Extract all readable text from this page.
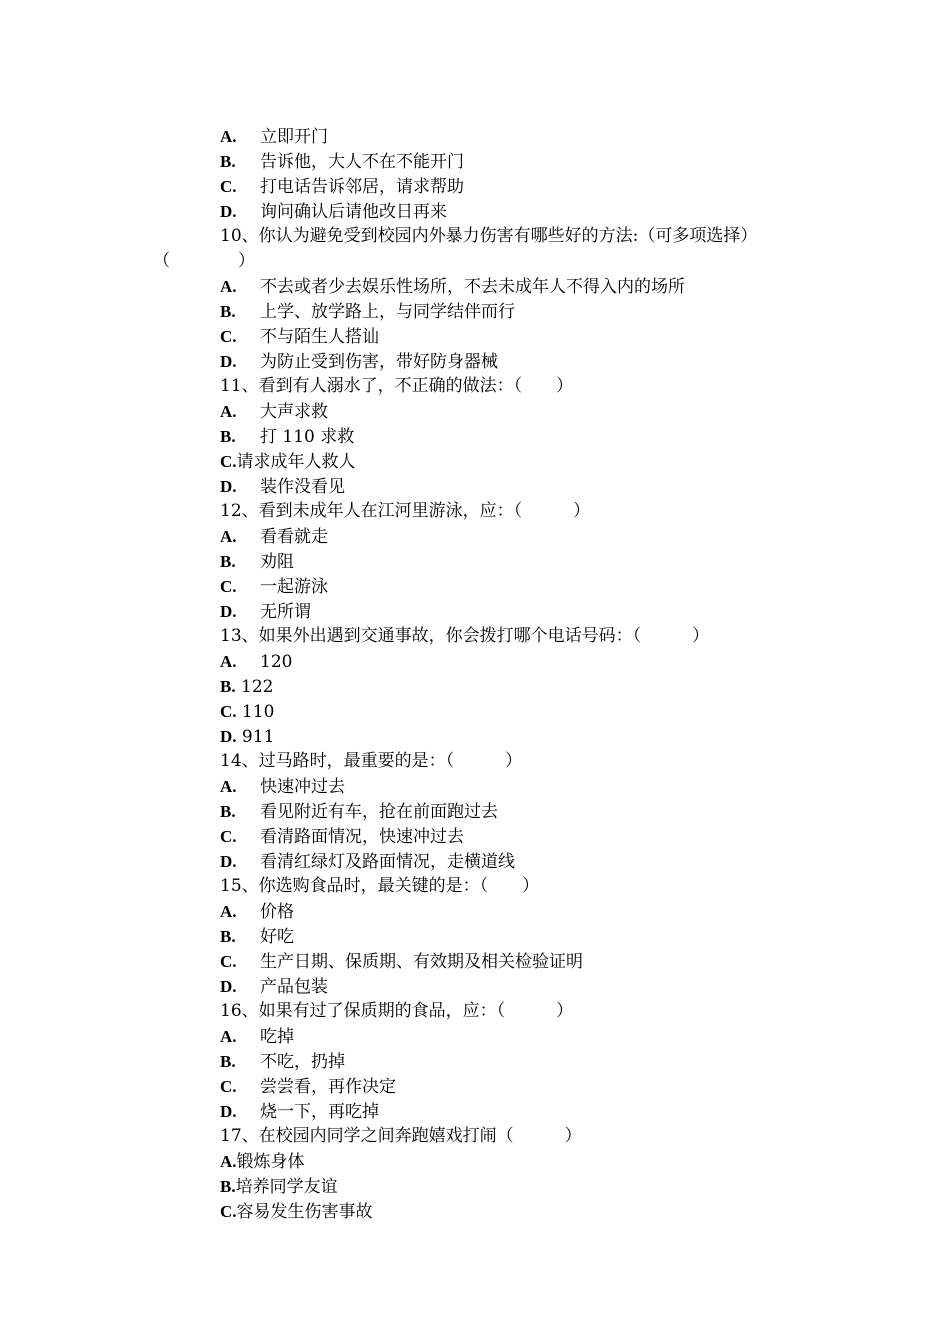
A. 立即开门
B. 告诉他，大人不在不能开门
C. 打电话告诉邻居，请求帮助
D. 询问确认后请他改日再来
10、你认为避免受到校园内外暴力伤害有哪些好的方法:（可多项选择）
（　　　　）
A. 不去或者少去娱乐性场所，不去未成年人不得入内的场所
B. 上学、放学路上，与同学结伴而行
C. 不与陌生人搭讪
D. 为防止受到伤害，带好防身器械
11、看到有人溺水了，不正确的做法：（　　）
A. 大声求救
B. 打 110 求救
C.请求成年人救人
D. 装作没看见
12、看到未成年人在江河里游泳，应：（　　　）
A. 看看就走
B. 劝阻
C. 一起游泳
D. 无所谓
13、如果外出遇到交通事故，你会拨打哪个电话号码：（　　　）
A. 120
B. 122
C. 110
D. 911
14、过马路时，最重要的是：（　　　）
A. 快速冲过去
B. 看见附近有车，抢在前面跑过去
C. 看清路面情况，快速冲过去
D. 看清红绿灯及路面情况，走横道线
15、你选购食品时，最关键的是：（　　）
A. 价格
B. 好吃
C. 生产日期、保质期、有效期及相关检验证明
D. 产品包装
16、如果有过了保质期的食品，应：（　　　）
A. 吃掉
B. 不吃，扔掉
C. 尝尝看，再作决定
D. 烧一下，再吃掉
17、在校园内同学之间奔跑嬉戏打闹（　　　）
A.锻炼身体
B.培养同学友谊
C.容易发生伤害事故
